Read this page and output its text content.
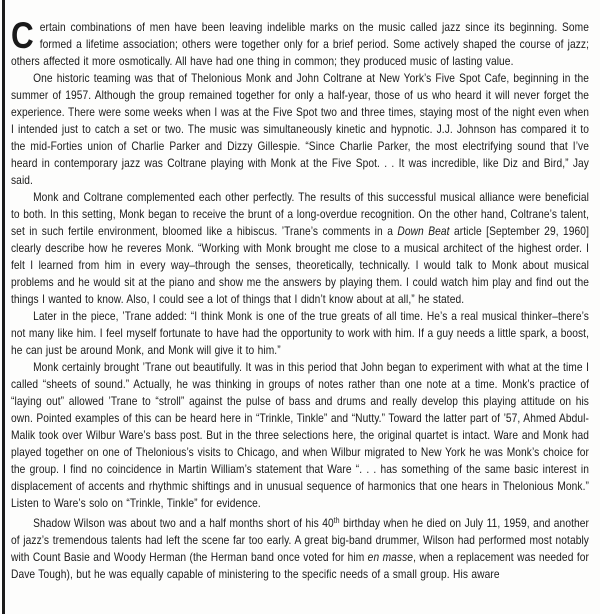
Certain combinations of men have been leaving indelible marks on the music called jazz since its beginning. Some formed a lifetime association; others were together only for a brief period. Some actively shaped the course of jazz; others affected it more osmotically. All have had one thing in common; they produced music of lasting value.

One historic teaming was that of Thelonious Monk and John Coltrane at New York’s Five Spot Cafe, beginning in the summer of 1957. Although the group remained together for only a half-year, those of us who heard it will never forget the experience. There were some weeks when I was at the Five Spot two and three times, staying most of the night even when I intended just to catch a set or two. The music was simultaneously kinetic and hypnotic. J.J. Johnson has compared it to the mid-Forties union of Charlie Parker and Dizzy Gillespie. “Since Charlie Parker, the most electrifying sound that I’ve heard in contemporary jazz was Coltrane playing with Monk at the Five Spot. . . It was incredible, like Diz and Bird,” Jay said.

Monk and Coltrane complemented each other perfectly. The results of this successful musical alliance were beneficial to both. In this setting, Monk began to receive the brunt of a long-overdue recognition. On the other hand, Coltrane’s talent, set in such fertile environment, bloomed like a hibiscus. ’Trane’s comments in a Down Beat article [September 29, 1960] clearly describe how he reveres Monk. “Working with Monk brought me close to a musical architect of the highest order. I felt I learned from him in every way–through the senses, theoretically, technically. I would talk to Monk about musical problems and he would sit at the piano and show me the answers by playing them. I could watch him play and find out the things I wanted to know. Also, I could see a lot of things that I didn’t know about at all,” he stated.

Later in the piece, ’Trane added: “I think Monk is one of the true greats of all time. He’s a real musical thinker–there’s not many like him. I feel myself fortunate to have had the opportunity to work with him. If a guy needs a little spark, a boost, he can just be around Monk, and Monk will give it to him.”

Monk certainly brought ’Trane out beautifully. It was in this period that John began to experiment with what at the time I called “sheets of sound.” Actually, he was thinking in groups of notes rather than one note at a time. Monk’s practice of “laying out” allowed ’Trane to “stroll” against the pulse of bass and drums and really develop this playing attitude on his own. Pointed examples of this can be heard here in “Trinkle, Tinkle” and “Nutty.” Toward the latter part of ’57, Ahmed Abdul-Malik took over Wilbur Ware’s bass post. But in the three selections here, the original quartet is intact. Ware and Monk had played together on one of Thelonious’s visits to Chicago, and when Wilbur migrated to New York he was Monk’s choice for the group. I find no coincidence in Martin William’s statement that Ware “. . . has something of the same basic interest in displacement of accents and rhythmic shiftings and in unusual sequence of harmonics that one hears in Thelonious Monk.” Listen to Ware’s solo on “Trinkle, Tinkle” for evidence.

Shadow Wilson was about two and a half months short of his 40th birthday when he died on July 11, 1959, and another of jazz’s tremendous talents had left the scene far too early. A great big-band drummer, Wilson had performed most notably with Count Basie and Woody Herman (the Herman band once voted for him en masse, when a replacement was needed for Dave Tough), but he was equally capable of ministering to the specific needs of a small group. His aware
